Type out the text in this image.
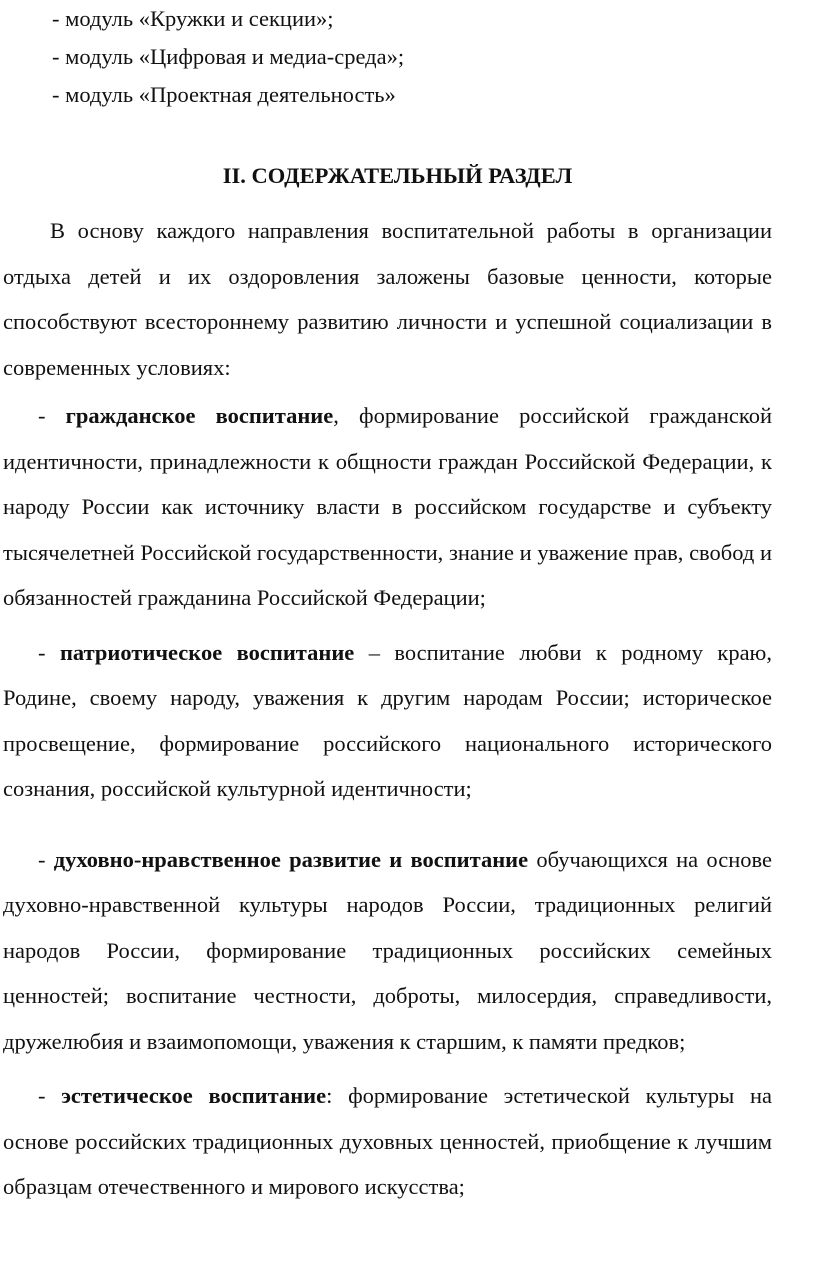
- модуль «Кружки и секции»;
- модуль «Цифровая и медиа-среда»;
- модуль «Проектная деятельность»
II. СОДЕРЖАТЕЛЬНЫЙ РАЗДЕЛ

В основу каждого направления воспитательной работы в организации отдыха детей и их оздоровления заложены базовые ценности, которые способствуют всестороннему развитию личности и успешной социализации в современных условиях:

- гражданское воспитание, формирование российской гражданской идентичности, принадлежности к общности граждан Российской Федерации, к народу России как источнику власти в российском государстве и субъекту тысячелетней Российской государственности, знание и уважение прав, свобод и обязанностей гражданина Российской Федерации;

- патриотическое воспитание – воспитание любви к родному краю, Родине, своему народу, уважения к другим народам России; историческое просвещение, формирование российского национального исторического сознания, российской культурной идентичности;

- духовно-нравственное развитие и воспитание обучающихся на основе духовно-нравственной культуры народов России, традиционных религий народов России, формирование традиционных российских семейных ценностей; воспитание честности, доброты, милосердия, справедливости, дружелюбия и взаимопомощи, уважения к старшим, к памяти предков;

- эстетическое воспитание: формирование эстетической культуры на основе российских традиционных духовных ценностей, приобщение к лучшим образцам отечественного и мирового искусства;
